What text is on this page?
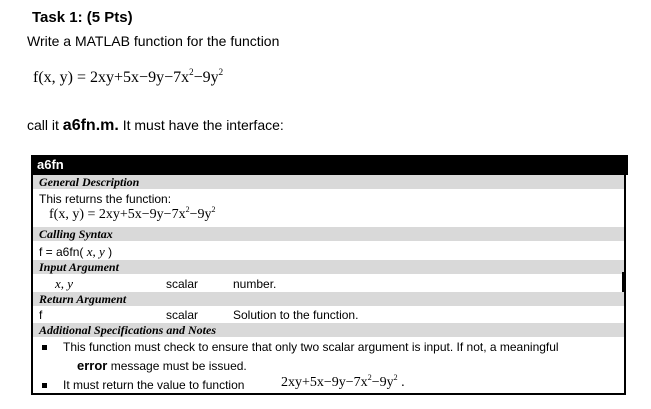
Task 1: (5 Pts)
Write a MATLAB function for the function
f(x, $y) = 2xy+5x-9y-7x^2-9y^2$
call it a6fn.m. It must have the interface:
a6fn
General Description
This returns the function:
f(x, $y) = 2xy+5x-9y-7x^2-9y^2$
Calling Syntax
f = a6fn( x, y )
Input Argument
x, y	scalar	number.
Return Argument
f	scalar	Solution to the function.
Additional Specifications and Notes
This function must check to ensure that only two scalar argument is input. If not, a meaningful
error message must be issued.
It must return the value to function	$2xy+5x-9y-7x^2-9y^2$ .
